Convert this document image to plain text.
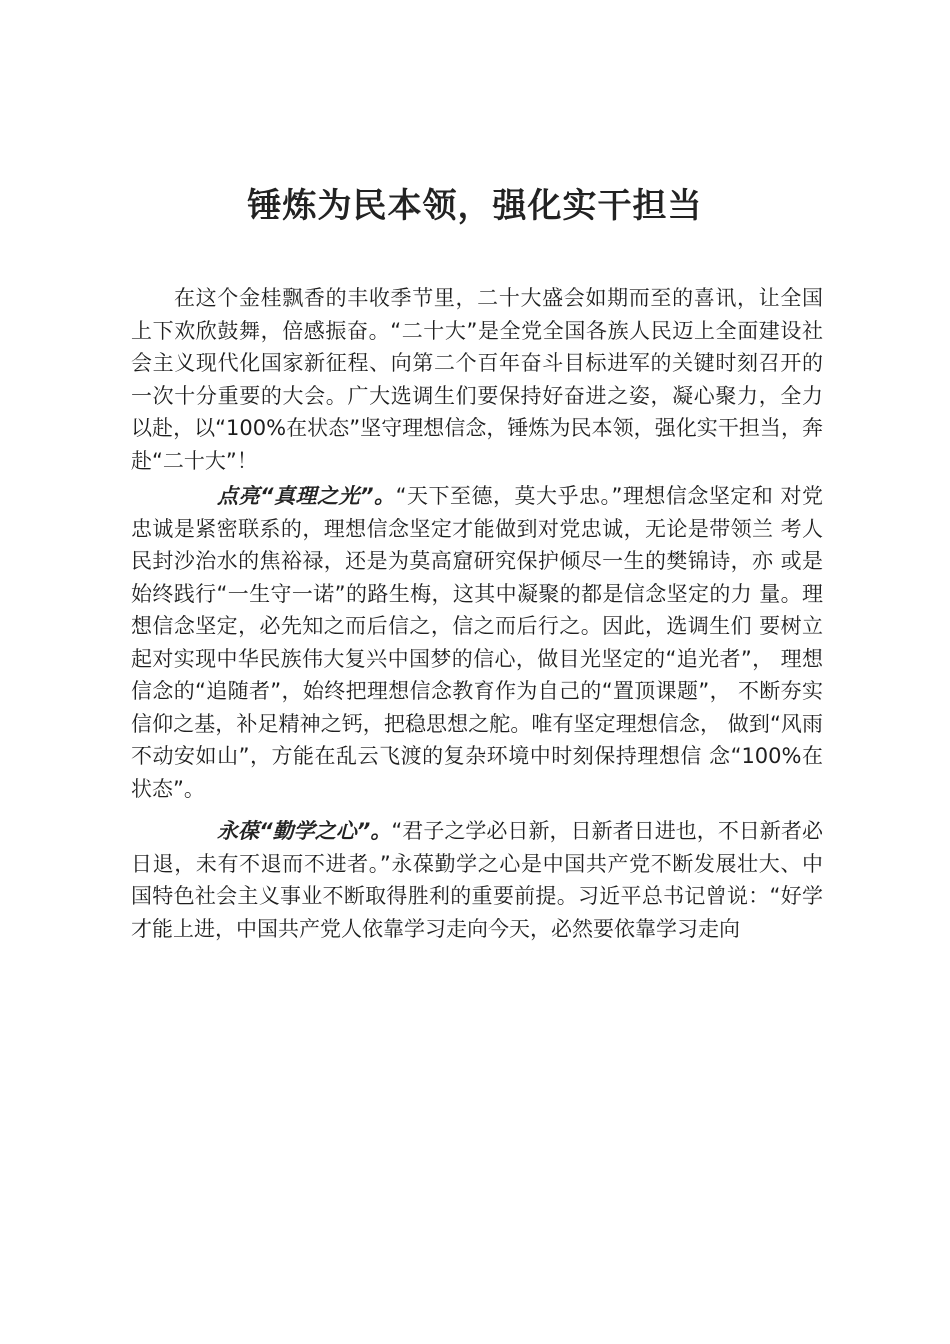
锤炼为民本领，强化实干担当

在这个金桂飘香的丰收季节里，二十大盛会如期而至的喜讯，让全国上下欢欣鼓舞，倍感振奋。“二十大”是全党全国各族人民迈上全面建设社会主义现代化国家新征程、向第二个百年奋斗目标进军的关键时刻召开的一次十分重要的大会。广大选调生们要保持好奋进之姿，凝心聚力，全力以赴，以“100%在状态”坚守理想信念，锤炼为民本领，强化实干担当，奔赴“二十大”！

点亮“真理之光”。“天下至德，莫大乎忠。”理想信念坚定和 对党忠诚是紧密联系的，理想信念坚定才能做到对党忠诚，无论是带领兰 考人民封沙治水的焦裕禄，还是为莫高窟研究保护倾尽一生的樊锦诗，亦 或是始终践行“一生守一诺”的路生梅，这其中凝聚的都是信念坚定的力 量。理想信念坚定，必先知之而后信之，信之而后行之。因此，选调生们 要树立起对实现中华民族伟大复兴中国梦的信心，做目光坚定的“追光者”， 理想信念的“追随者”，始终把理想信念教育作为自己的“置顶课题”， 不断夯实信仰之基，补足精神之钙，把稳思想之舵。唯有坚定理想信念， 做到“风雨不动安如山”，方能在乱云飞渡的复杂环境中时刻保持理想信 念“100%在状态”。

永葆“勤学之心”。“君子之学必日新，日新者日进也，不日新者必日退，未有不退而不进者。”永葆勤学之心是中国共产党不断发展壮大、中国特色社会主义事业不断取得胜利的重要前提。习近平总书记曾说：“好学才能上进，中国共产党人依靠学习走向今天，必然要依靠学习走向
